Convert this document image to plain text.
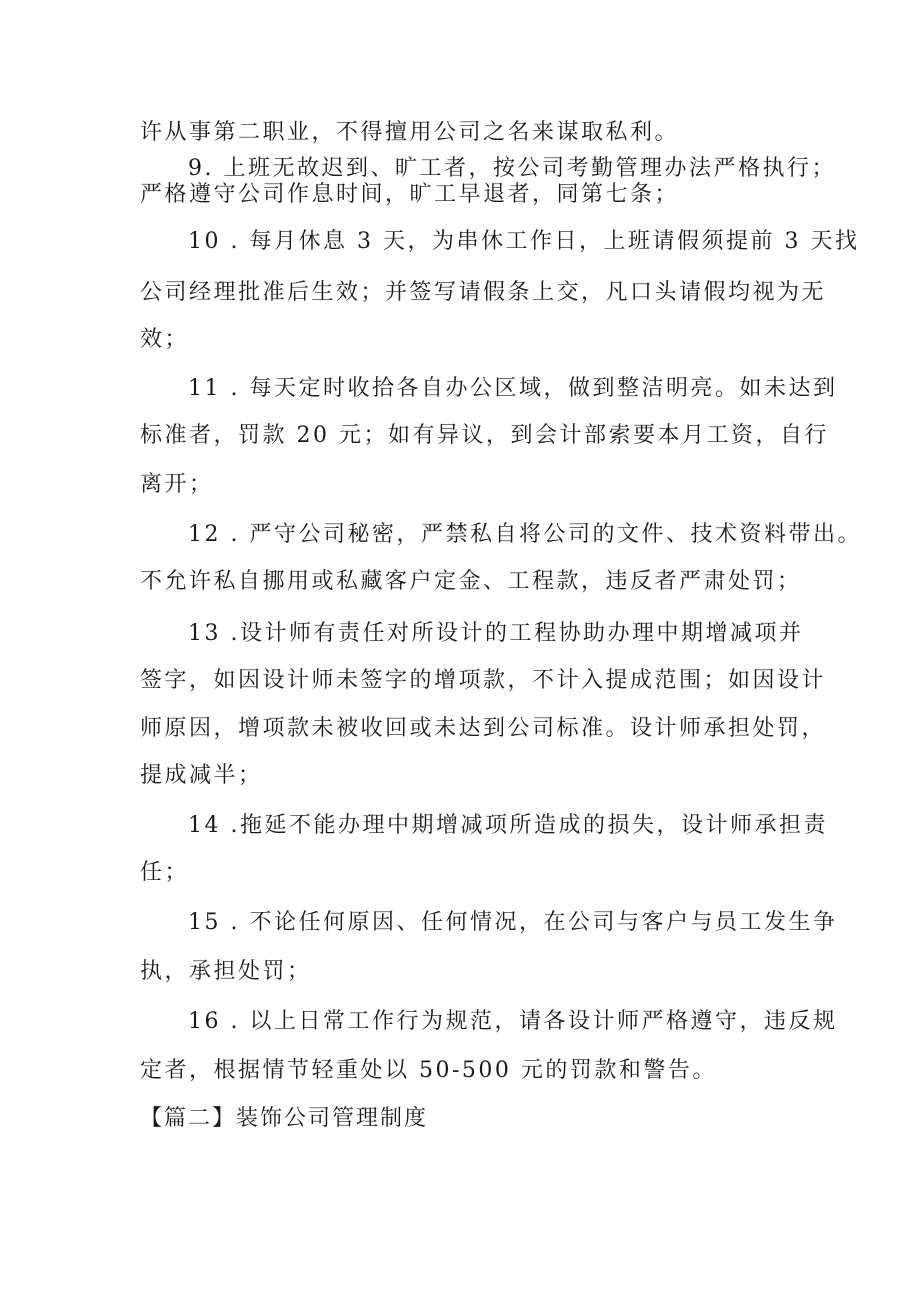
许从事第二职业，不得擅用公司之名来谋取私利。
9. 上班无故迟到、旷工者，按公司考勤管理办法严格执行；
严格遵守公司作息时间，旷工早退者，同第七条；
10 . 每月休息 3 天，为串休工作日，上班请假须提前 3 天找
公司经理批准后生效；并签写请假条上交，凡口头请假均视为无
效；
11 . 每天定时收拾各自办公区域，做到整洁明亮。如未达到
标准者，罚款 20 元；如有异议，到会计部索要本月工资，自行
离开；
12 . 严守公司秘密，严禁私自将公司的文件、技术资料带出。
不允许私自挪用或私藏客户定金、工程款，违反者严肃处罚；
13 .设计师有责任对所设计的工程协助办理中期增减项并
签字，如因设计师未签字的增项款，不计入提成范围；如因设计
师原因，增项款未被收回或未达到公司标准。设计师承担处罚，
提成减半；
14 .拖延不能办理中期增减项所造成的损失，设计师承担责
任；
15 . 不论任何原因、任何情况，在公司与客户与员工发生争
执，承担处罚；
16 . 以上日常工作行为规范，请各设计师严格遵守，违反规
定者，根据情节轻重处以 50-500 元的罚款和警告。
【篇二】装饰公司管理制度
